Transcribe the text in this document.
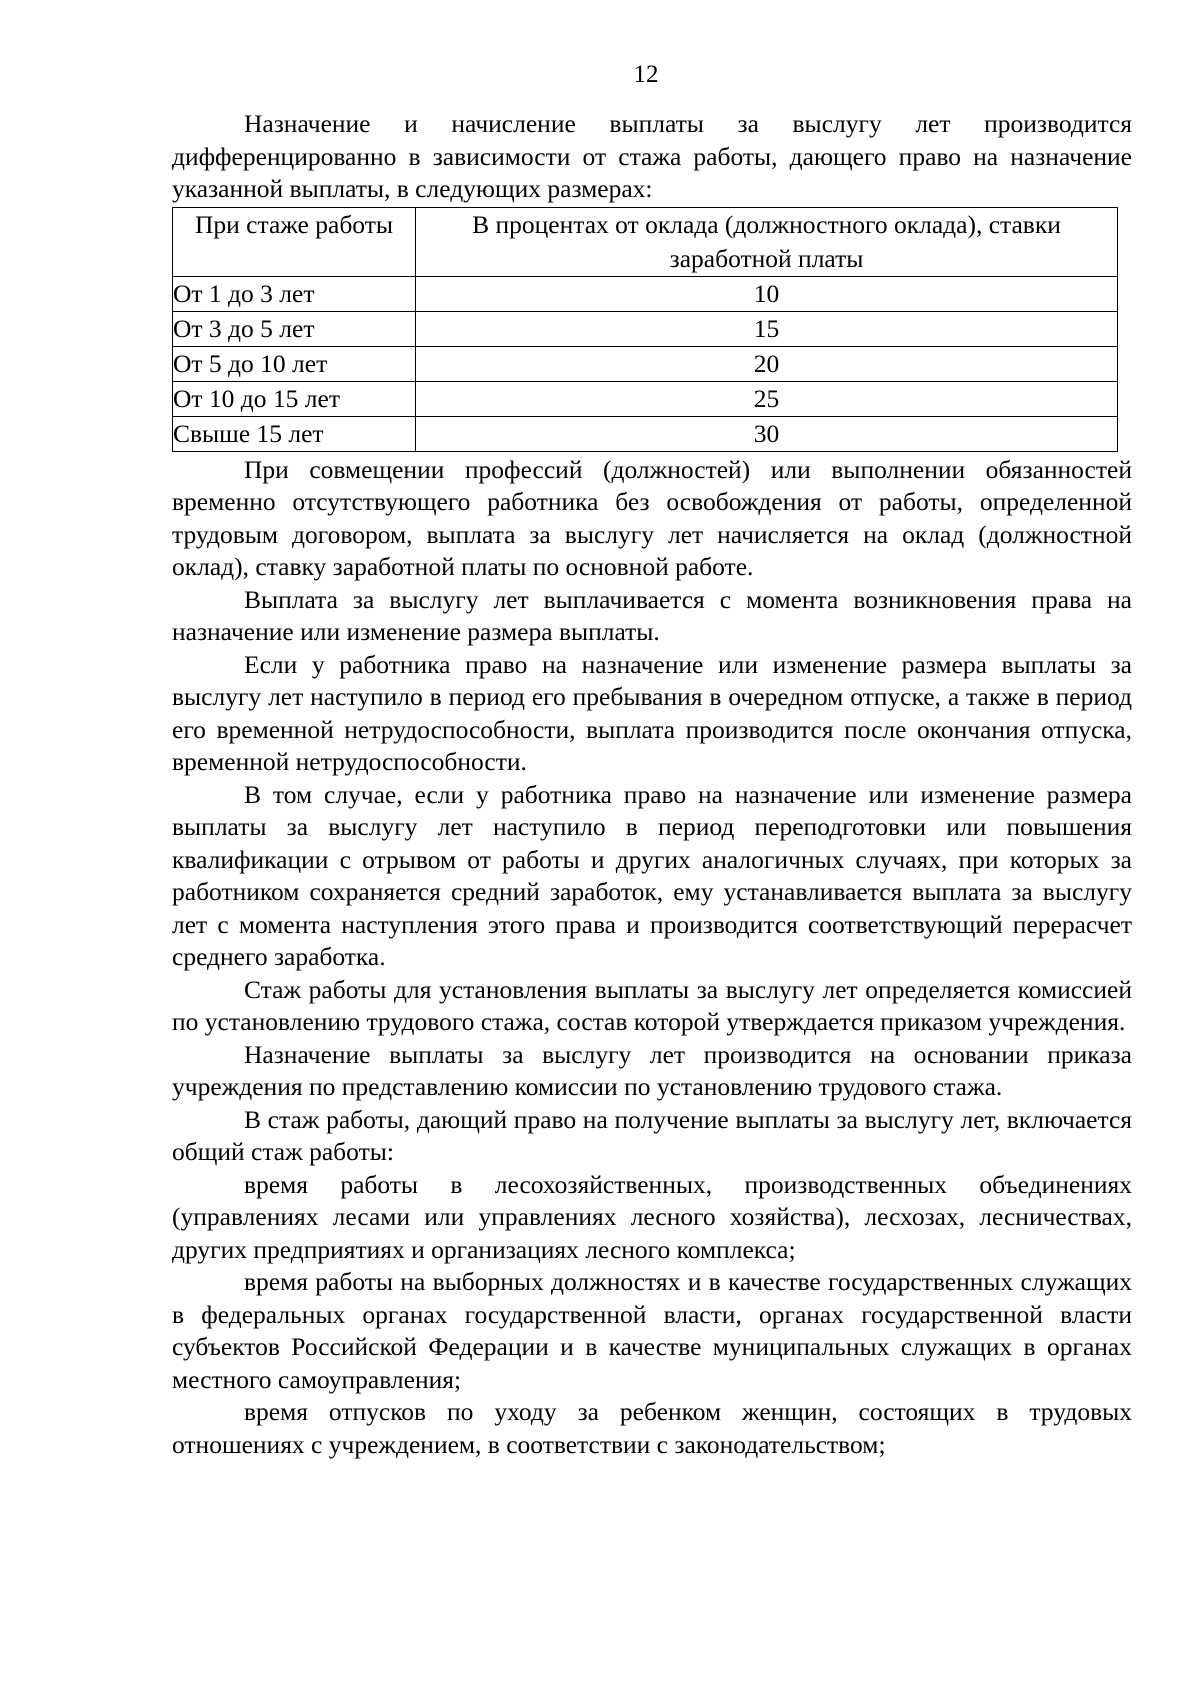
12

Назначение и начисление выплаты за выслугу лет производится дифференцированно в зависимости от стажа работы, дающего право на назначение указанной выплаты, в следующих размерах:

При стаже работы	В процентах от оклада (должностного оклада), ставки заработной платы
От 1 до 3 лет	10
От 3 до 5 лет	15
От 5 до 10 лет	20
От 10 до 15 лет	25
Свыше 15 лет	30

При совмещении профессий (должностей) или выполнении обязанностей временно отсутствующего работника без освобождения от работы, определенной трудовым договором, выплата за выслугу лет начисляется на оклад (должностной оклад), ставку заработной платы по основной работе.

Выплата за выслугу лет выплачивается с момента возникновения права на назначение или изменение размера выплаты.

Если у работника право на назначение или изменение размера выплаты за выслугу лет наступило в период его пребывания в очередном отпуске, а также в период его временной нетрудоспособности, выплата производится после окончания отпуска, временной нетрудоспособности.

В том случае, если у работника право на назначение или изменение размера выплаты за выслугу лет наступило в период переподготовки или повышения квалификации с отрывом от работы и других аналогичных случаях, при которых за работником сохраняется средний заработок, ему устанавливается выплата за выслугу лет с момента наступления этого права и производится соответствующий перерасчет среднего заработка.

Стаж работы для установления выплаты за выслугу лет определяется комиссией по установлению трудового стажа, состав которой утверждается приказом учреждения.

Назначение выплаты за выслугу лет производится на основании приказа учреждения по представлению комиссии по установлению трудового стажа.

В стаж работы, дающий право на получение выплаты за выслугу лет, включается общий стаж работы:

время работы в лесохозяйственных, производственных объединениях (управлениях лесами или управлениях лесного хозяйства), лесхозах, лесничествах, других предприятиях и организациях лесного комплекса;

время работы на выборных должностях и в качестве государственных служащих в федеральных органах государственной власти, органах государственной власти субъектов Российской Федерации и в качестве муниципальных служащих в органах местного самоуправления;

время отпусков по уходу за ребенком женщин, состоящих в трудовых отношениях с учреждением, в соответствии с законодательством;
